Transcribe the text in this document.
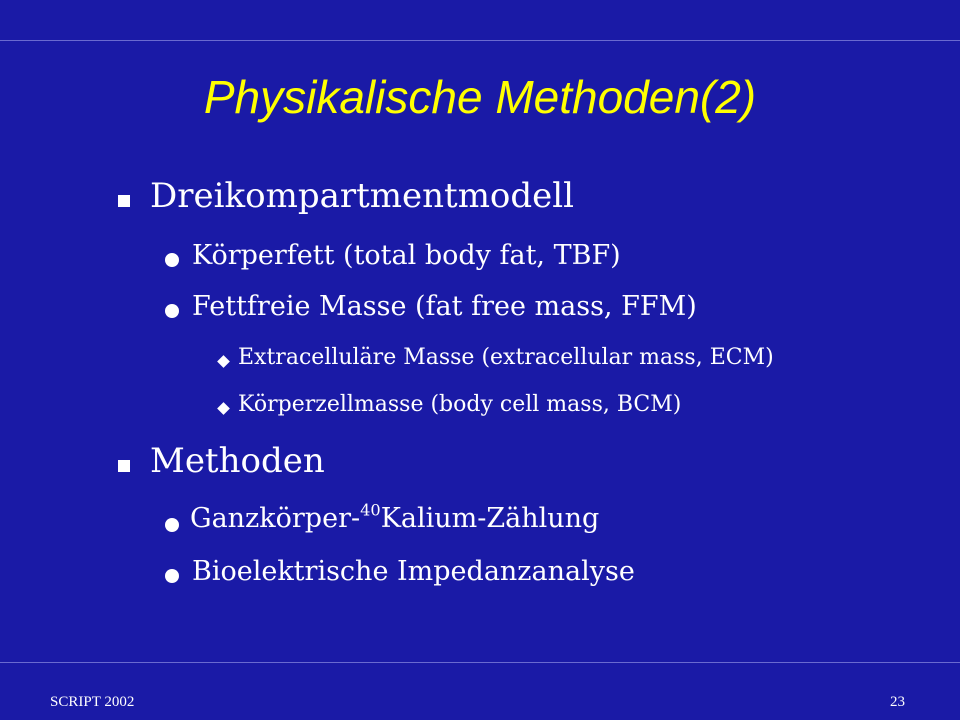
Physikalische Methoden(2)
Dreikompartmentmodell
Körperfett (total body fat, TBF)
Fettfreie Masse (fat free mass, FFM)
Extracelluläre Masse (extracellular mass, ECM)
Körperzellmasse (body cell mass, BCM)
Methoden
Ganzkörper-$^{40}$Kalium-Zählung
Bioelektrische Impedanzanalyse
SCRIPT 2002	23
